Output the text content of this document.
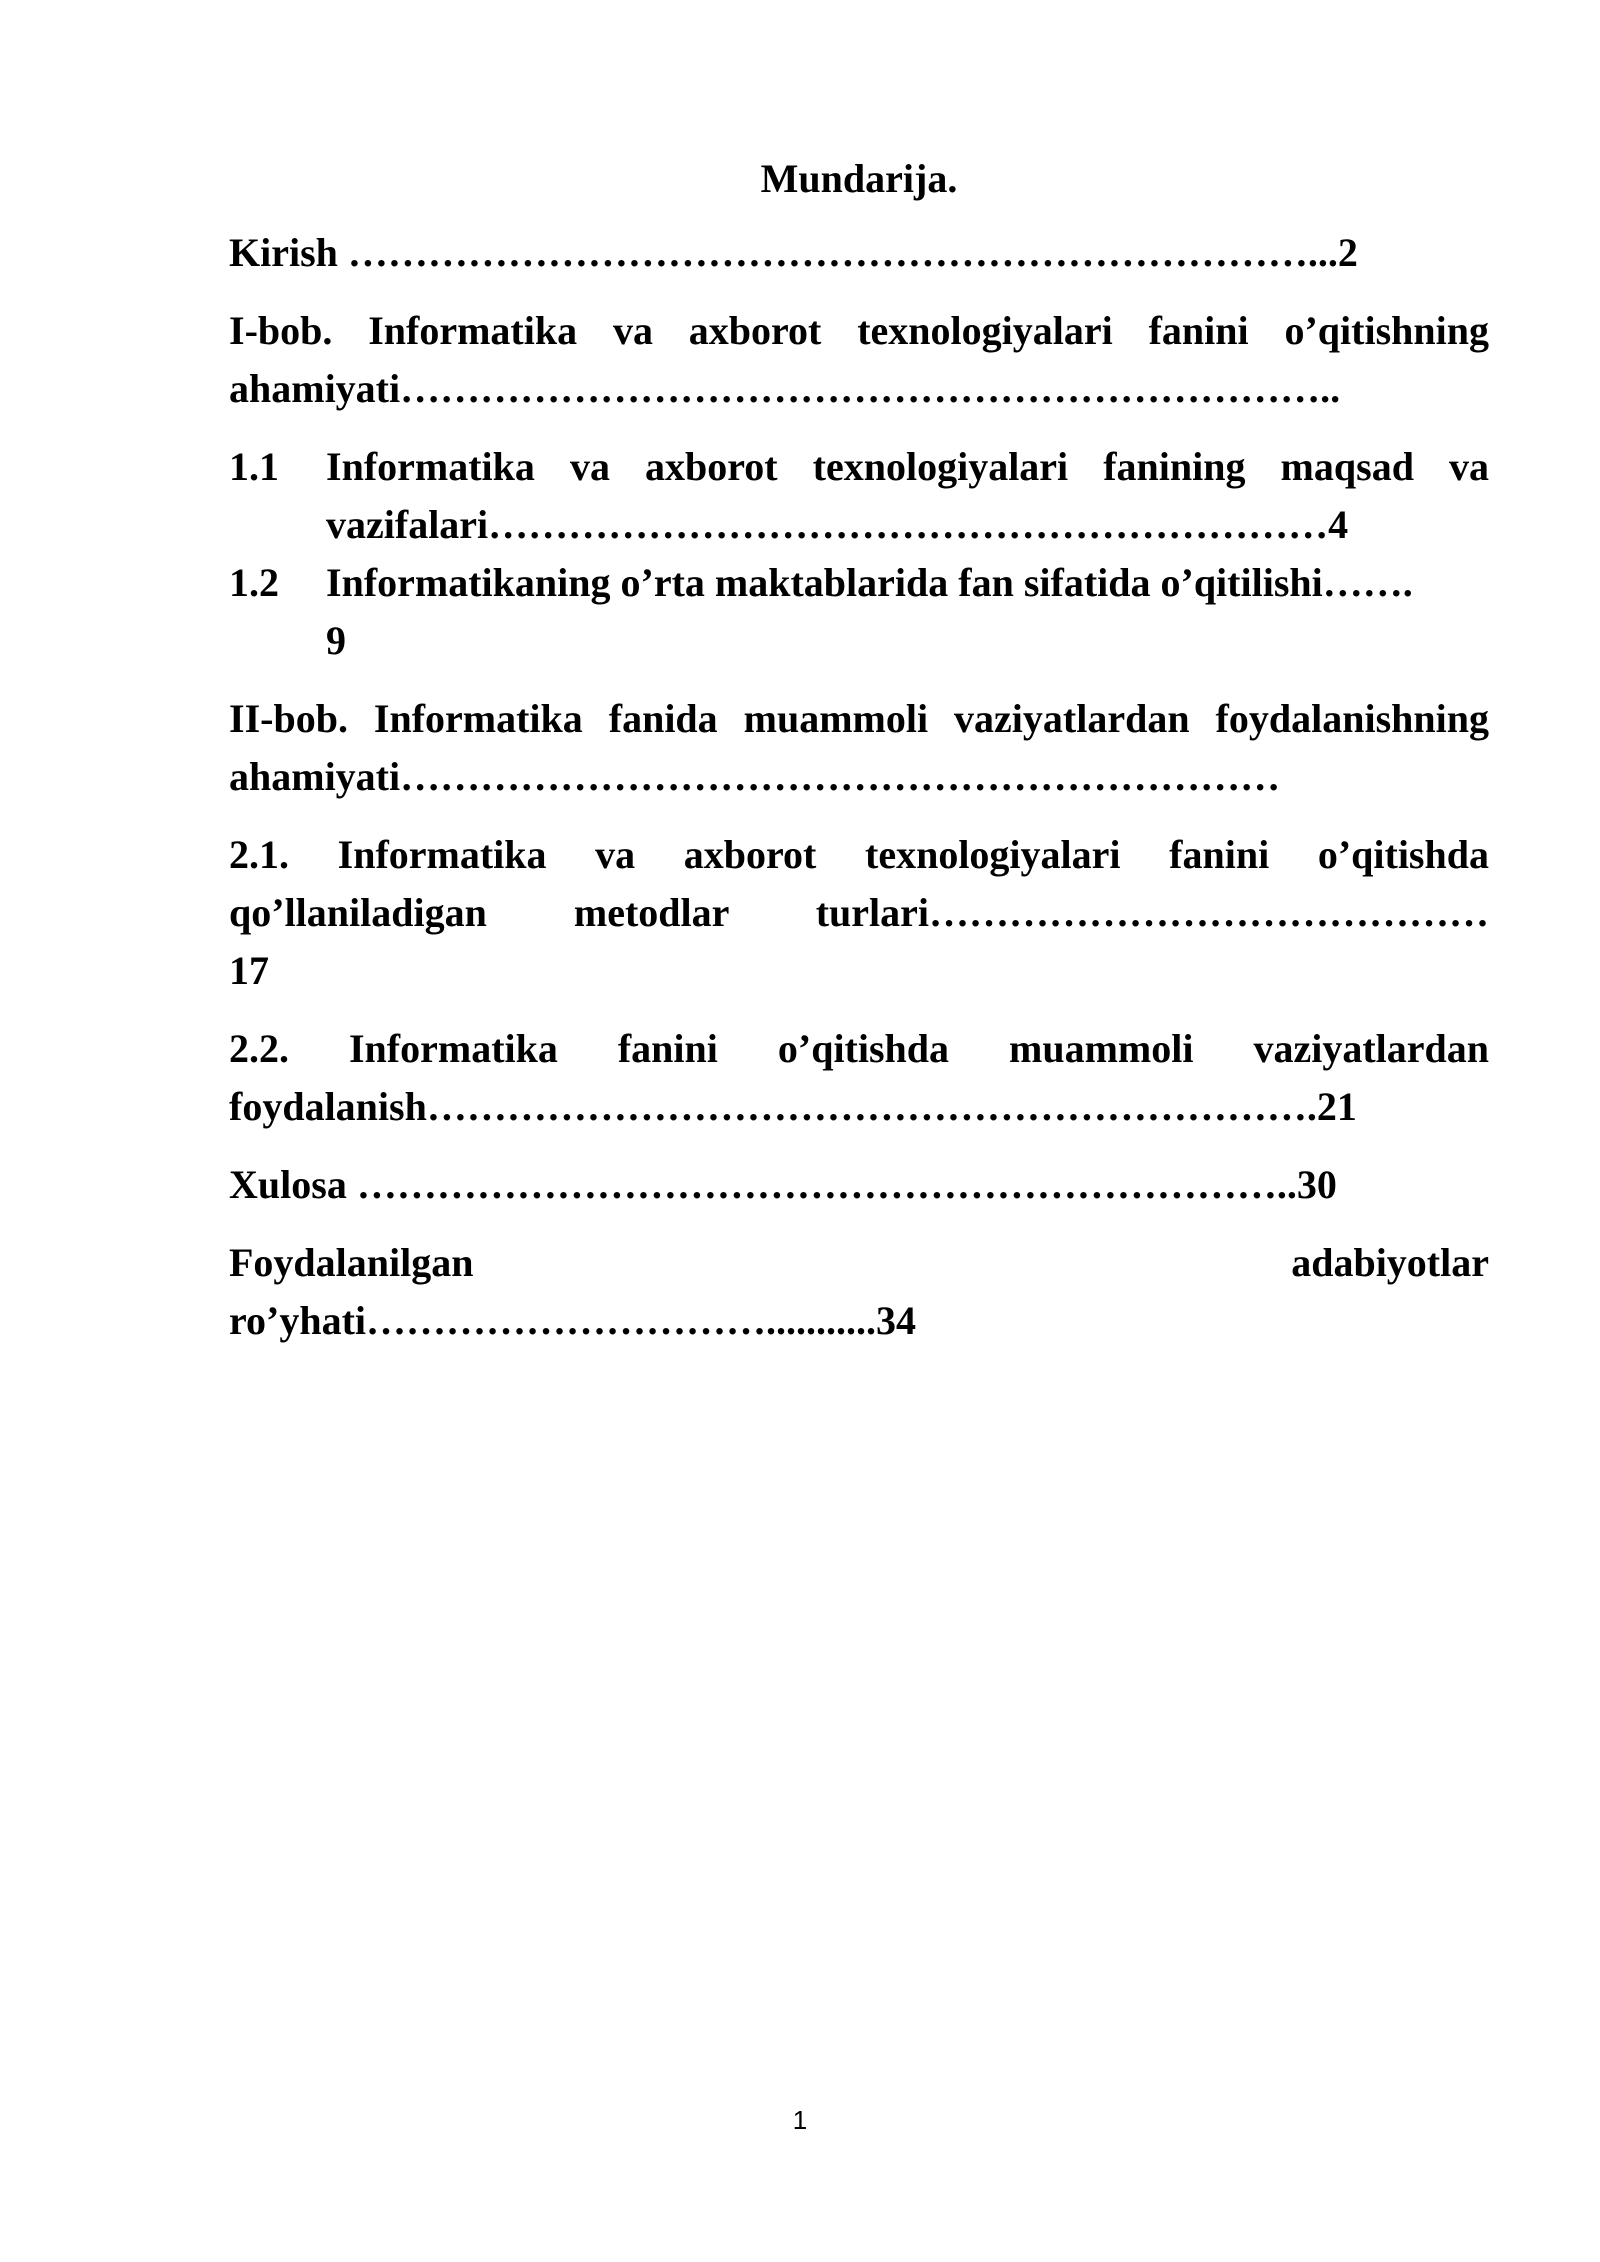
Mundarija.
Kirish ………………………………………………………………...2
I-bob. Informatika va axborot texnologiyalari fanini o’qitishning
ahamiyati……………………………………………………………..
1.1 Informatika va axborot texnologiyalari fanining maqsad va
vazifalari………………………………………………………4
1.2 Informatikaning o’rta maktablarida fan sifatida o’qitilishi…….
9
II-bob. Informatika fanida muammoli vaziyatlardan foydalanishning
ahamiyati…………………………………………………………
2.1. Informatika va axborot texnologiyalari fanini o’qitishda
qo’llaniladigan metodlar turlari……………………………………
17
2.2. Informatika fanini o’qitishda muammoli vaziyatlardan
foydalanish………………………………………………………….21
Xulosa ……………………………………………………………..30
Foydalanilgan adabiyotlar
ro’yhati…………………………...........34
1
